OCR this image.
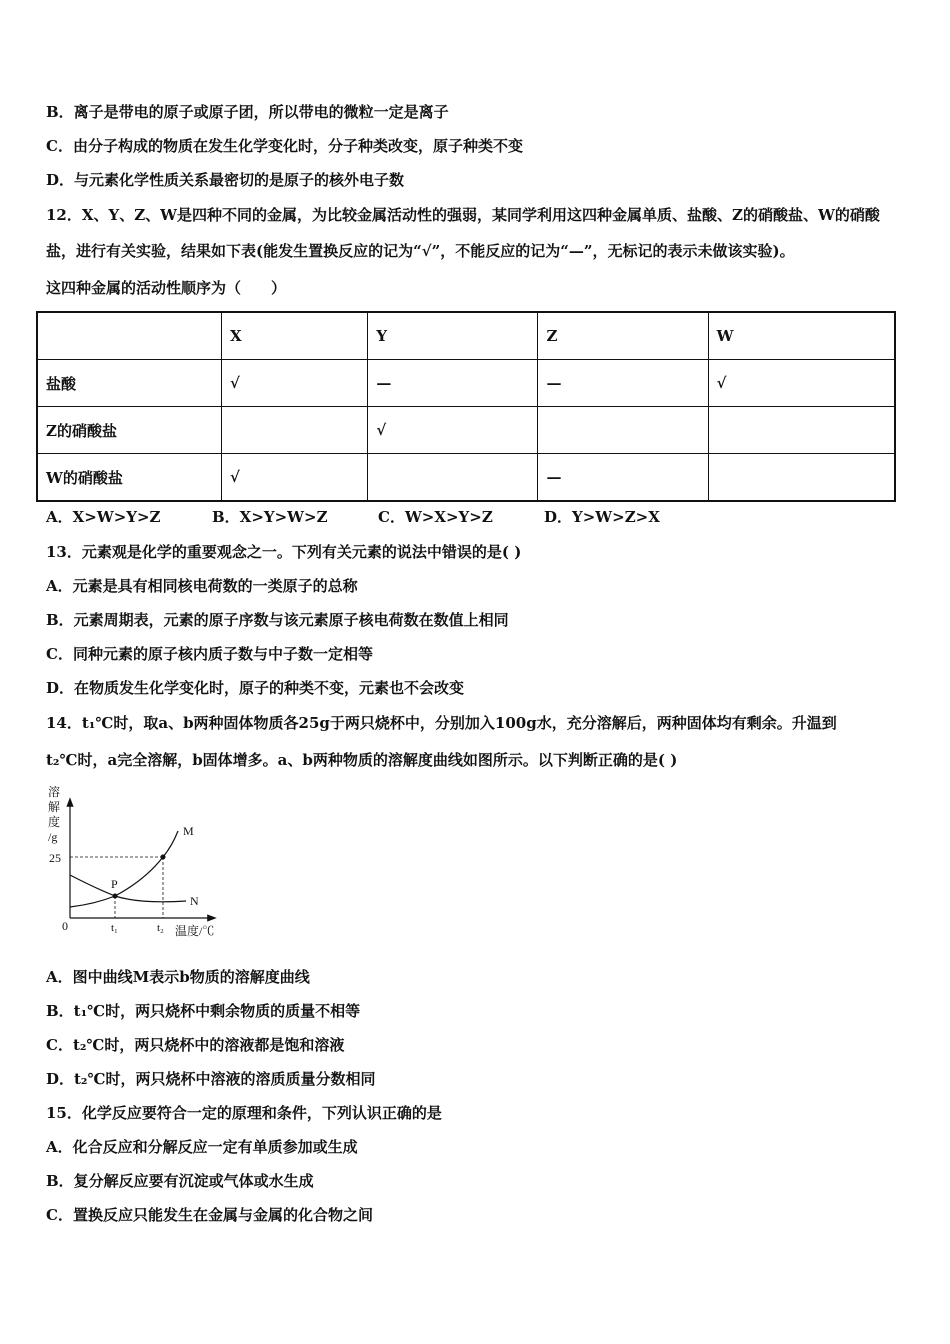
B．离子是带电的原子或原子团，所以带电的微粒一定是离子
C．由分子构成的物质在发生化学变化时，分子种类改变，原子种类不变
D．与元素化学性质关系最密切的是原子的核外电子数
12．X、Y、Z、W是四种不同的金属，为比较金属活动性的强弱，某同学利用这四种金属单质、盐酸、Z的硝酸盐、W的硝酸
盐，进行有关实验，结果如下表(能发生置换反应的记为“√”，不能反应的记为“—”，无标记的表示未做该实验)。
这四种金属的活动性顺序为（　　）
	X	Y	Z	W
盐酸	√	—	—	√
Z的硝酸盐		√		
W的硝酸盐	√		—	
A．X>W>Y>Z	B．X>Y>W>Z	C．W>X>Y>Z	D．Y>W>Z>X
13．元素观是化学的重要观念之一。下列有关元素的说法中错误的是( )
A．元素是具有相同核电荷数的一类原子的总称
B．元素周期表，元素的原子序数与该元素原子核电荷数在数值上相同
C．同种元素的原子核内质子数与中子数一定相等
D．在物质发生化学变化时，原子的种类不变，元素也不会改变
14．t₁℃时，取a、b两种固体物质各25g于两只烧杯中，分别加入100g水，充分溶解后，两种固体均有剩余。升温到
t₂℃时，a完全溶解，b固体增多。a、b两种物质的溶解度曲线如图所示。以下判断正确的是( )
溶
解
度
/g
25
0	t₁	t₂ 温度/℃
M
N
P
A．图中曲线M表示b物质的溶解度曲线
B．t₁℃时，两只烧杯中剩余物质的质量不相等
C．t₂℃时，两只烧杯中的溶液都是饱和溶液
D．t₂℃时，两只烧杯中溶液的溶质质量分数相同
15．化学反应要符合一定的原理和条件，下列认识正确的是
A．化合反应和分解反应一定有单质参加或生成
B．复分解反应要有沉淀或气体或水生成
C．置换反应只能发生在金属与金属的化合物之间
